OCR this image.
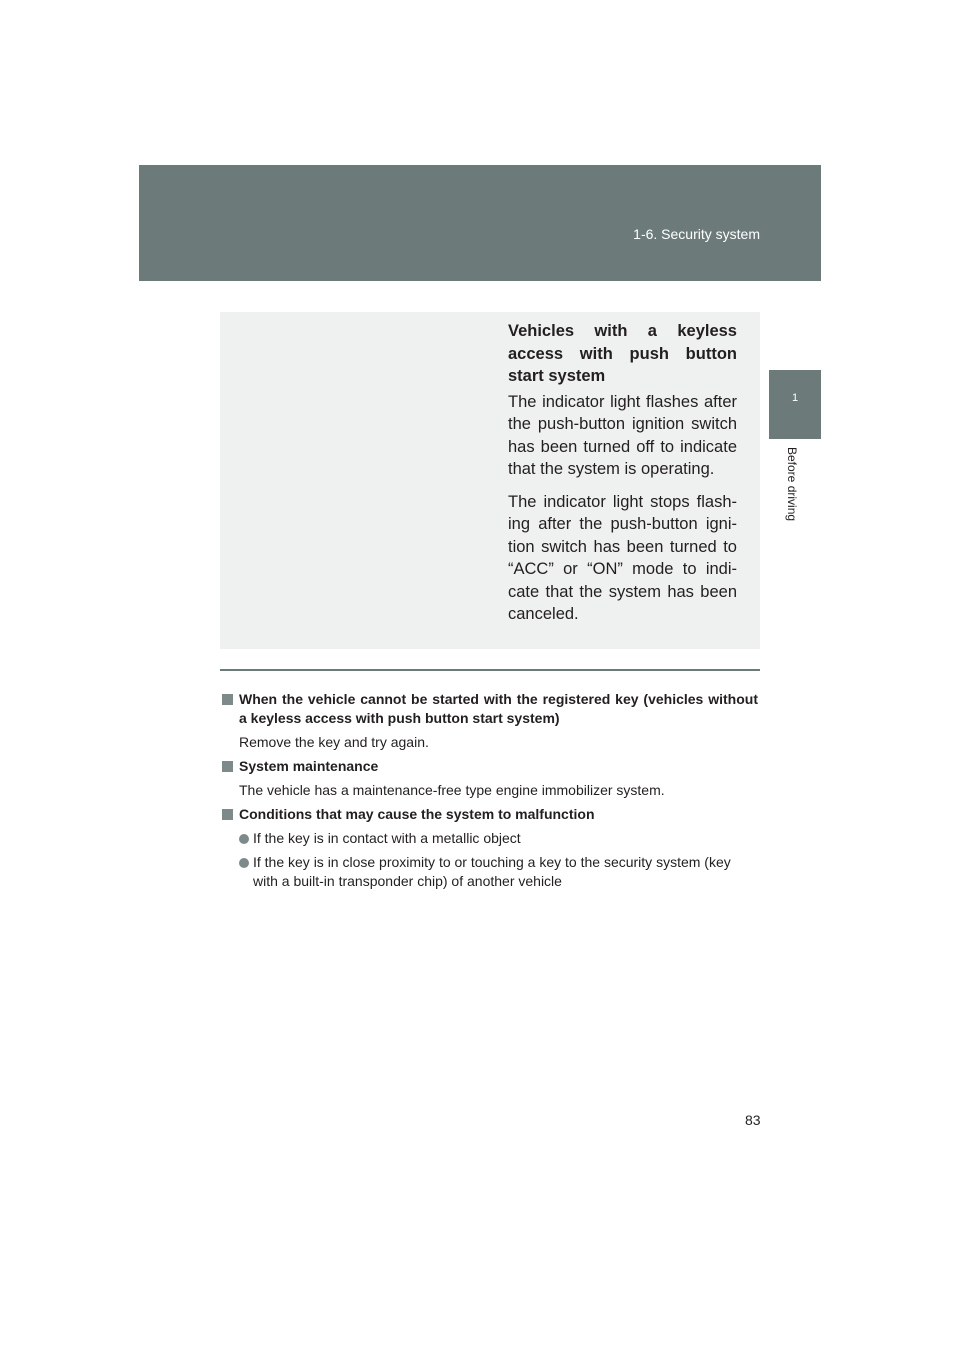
1-6. Security system
1
Before driving

Vehicles with a keyless access with push button start system

The indicator light flashes after the push-button ignition switch has been turned off to indicate that the system is operating.

The indicator light stops flash-ing after the push-button igni-tion switch has been turned to “ACC” or “ON” mode to indi-cate that the system has been canceled.

When the vehicle cannot be started with the registered key (vehicles without a keyless access with push button start system)

Remove the key and try again.

System maintenance

The vehicle has a maintenance-free type engine immobilizer system.

Conditions that may cause the system to malfunction

If the key is in contact with a metallic object

If the key is in close proximity to or touching a key to the security system (key with a built-in transponder chip) of another vehicle

83
